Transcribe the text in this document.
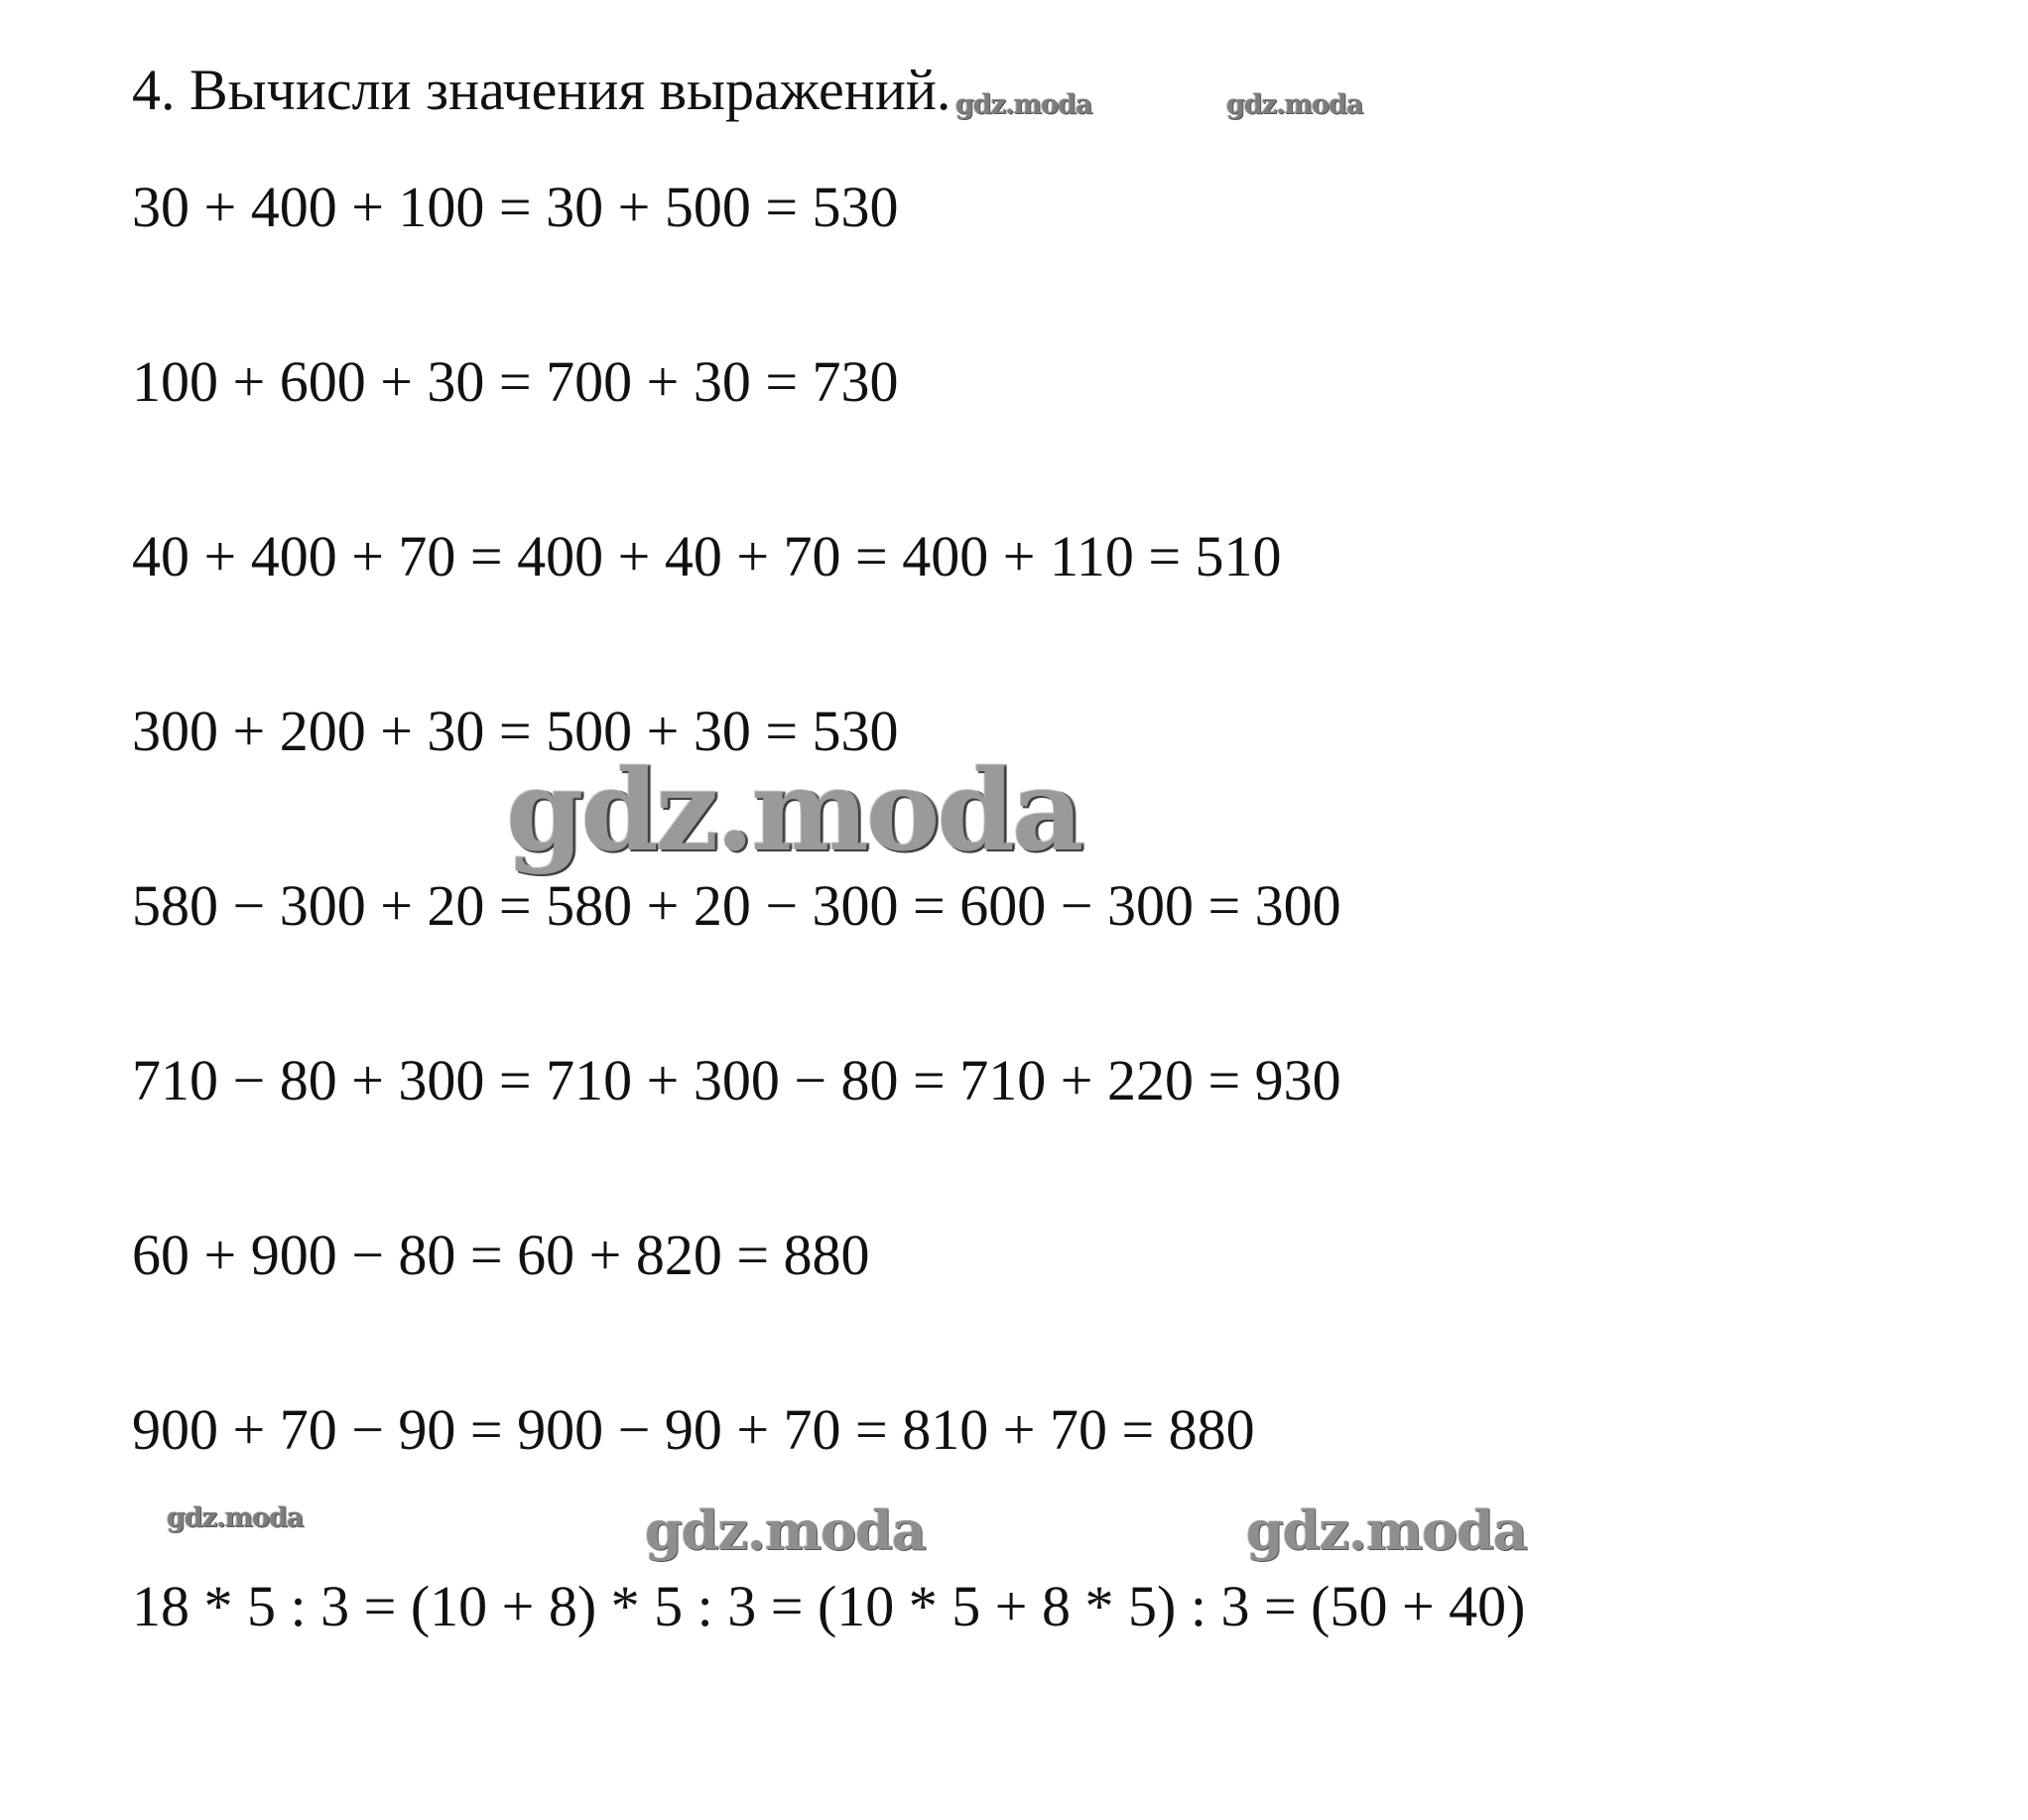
4. Вычисли значения выражений.
30 + 400 + 100 = 30 + 500 = 530
100 + 600 + 30 = 700 + 30 = 730
40 + 400 + 70 = 400 + 40 + 70 = 400 + 110 = 510
300 + 200 + 30 = 500 + 30 = 530
580 − 300 + 20 = 580 + 20 − 300 = 600 − 300 = 300
710 − 80 + 300 = 710 + 300 − 80 = 710 + 220 = 930
60 + 900 − 80 = 60 + 820 = 880
900 + 70 − 90 = 900 − 90 + 70 = 810 + 70 = 880
18 * 5 : 3 = (10 + 8) * 5 : 3 = (10 * 5 + 8 * 5) : 3 = (50 + 40)
gdz.moda	gdz.moda
gdz.moda
gdz.moda	gdz.moda	gdz.moda
